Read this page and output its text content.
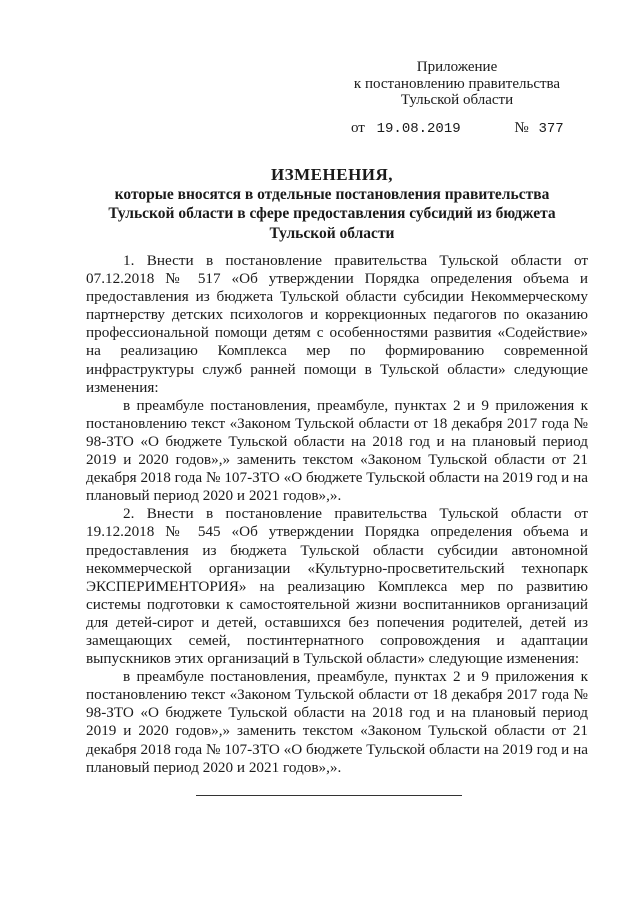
Приложение
к постановлению правительства
Тульской области
от 19.08.2019	№ 377
ИЗМЕНЕНИЯ,
которые вносятся в отдельные постановления правительства Тульской области в сфере предоставления субсидий из бюджета Тульской области

1. Внести в постановление правительства Тульской области от 07.12.2018 № 517 «Об утверждении Порядка определения объема и предоставления из бюджета Тульской области субсидии Некоммерческому партнерству детских психологов и коррекционных педагогов по оказанию профессиональной помощи детям с особенностями развития «Содействие» на реализацию Комплекса мер по формированию современной инфраструктуры служб ранней помощи в Тульской области» следующие изменения:

в преамбуле постановления, преамбуле, пунктах 2 и 9 приложения к постановлению текст «Законом Тульской области от 18 декабря 2017 года № 98-ЗТО «О бюджете Тульской области на 2018 год и на плановый период 2019 и 2020 годов»,» заменить текстом «Законом Тульской области от 21 декабря 2018 года № 107-ЗТО «О бюджете Тульской области на 2019 год и на плановый период 2020 и 2021 годов»,».

2. Внести в постановление правительства Тульской области от 19.12.2018 № 545 «Об утверждении Порядка определения объема и предоставления из бюджета Тульской области субсидии автономной некоммерческой организации «Культурно-просветительский технопарк ЭКСПЕРИМЕНТОРИЯ» на реализацию Комплекса мер по развитию системы подготовки к самостоятельной жизни воспитанников организаций для детей-сирот и детей, оставшихся без попечения родителей, детей из замещающих семей, постинтернатного сопровождения и адаптации выпускников этих организаций в Тульской области» следующие изменения:

в преамбуле постановления, преамбуле, пунктах 2 и 9 приложения к постановлению текст «Законом Тульской области от 18 декабря 2017 года № 98-ЗТО «О бюджете Тульской области на 2018 год и на плановый период 2019 и 2020 годов»,» заменить текстом «Законом Тульской области от 21 декабря 2018 года № 107-ЗТО «О бюджете Тульской области на 2019 год и на плановый период 2020 и 2021 годов»,».
